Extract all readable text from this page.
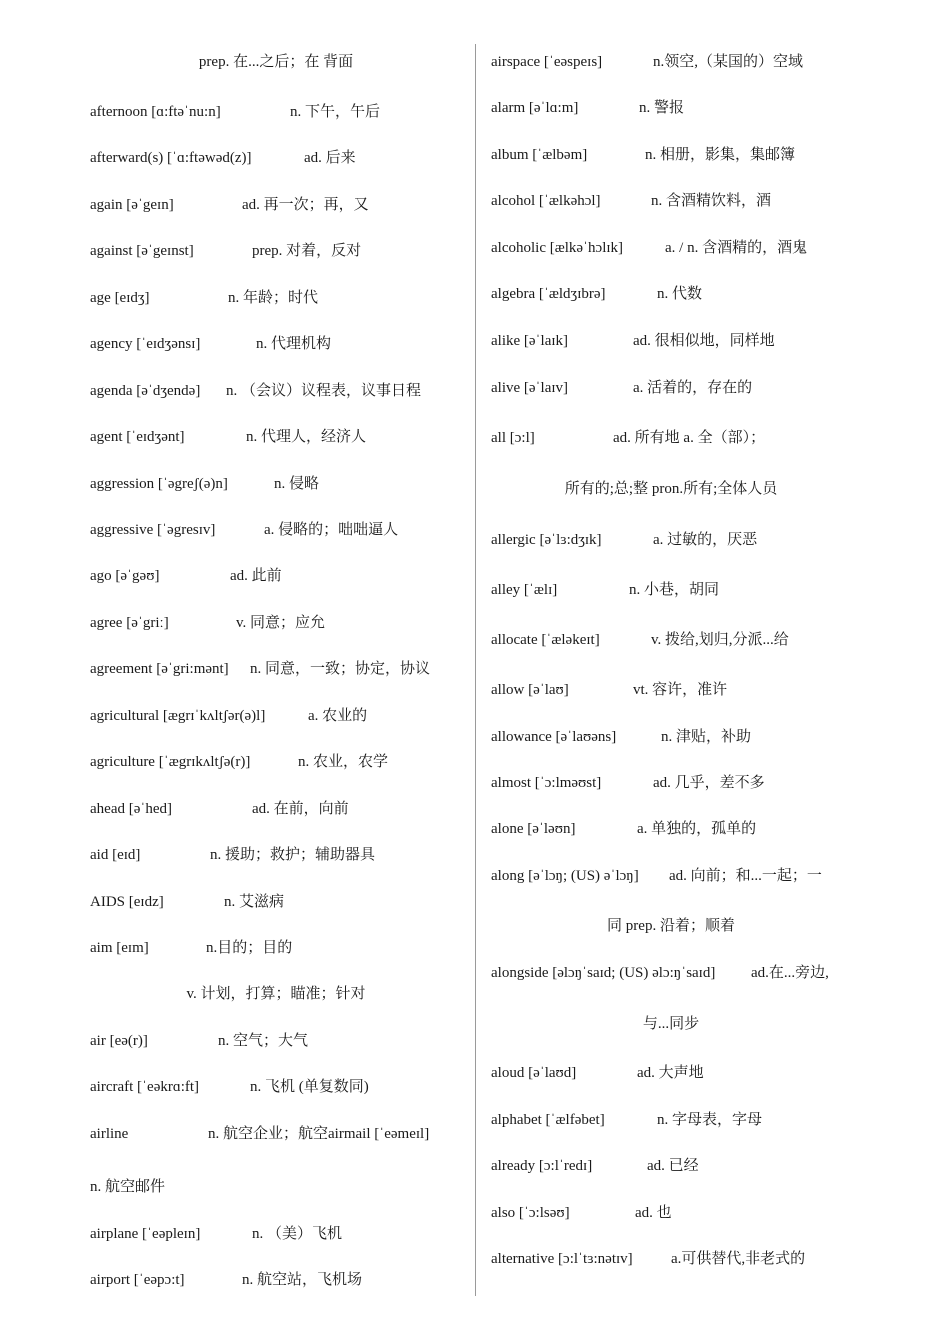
prep. 在...之后；在 背面
afternoon [ɑ:ftəˈnu:n]	n. 下午，午后
afterward(s) [ˈɑ:ftəwəd(z)]	ad. 后来
again [əˈgeɪn]	ad. 再一次；再，又
against [əˈgeɪnst]	prep. 对着，反对
age [eɪdʒ]	n. 年龄；时代
agency [ˈeɪdʒənsɪ]	n. 代理机构
agenda [əˈdʒendə] n. （会议）议程表，议事日程
agent [ˈeɪdʒənt]	n. 代理人，经济人
aggression [ˈəgreʃ(ə)n]	n. 侵略
aggressive [ˈəgresɪv]	a. 侵略的；咄咄逼人
ago [əˈgəʊ]	ad. 此前
agree [əˈgriː]	v. 同意；应允
agreement [əˈgri:mənt] n. 同意，一致；协定，协议
agricultural [ægrɪˈkʌltʃər(ə)l]	a. 农业的
agriculture [ˈægrɪkʌltʃə(r)]	n. 农业，农学
ahead [əˈhed]	ad. 在前，向前
aid [eɪd]	n. 援助；救护；辅助器具
AIDS [eɪdz]	n. 艾滋病
aim [eɪm]	n.目的；目的
v. 计划，打算；瞄准；针对
air [eə(r)]	n. 空气；大气
aircraft [ˈeəkrɑ:ft]	n. 飞机 (单复数同)
airline	n. 航空企业；航空airmail [ˈeəmeɪl]
n. 航空邮件
airplane [ˈeəpleɪn]	n. （美）飞机
airport [ˈeəpɔ:t]	n. 航空站，飞机场
airspace [ˈeəspeɪs]	n.领空,（某国的）空域
alarm [əˈlɑ:m]	n. 警报
album [ˈælbəm]	n. 相册，影集，集邮簿
alcohol [ˈælkəhɔl]	n. 含酒精饮料，酒
alcoholic [ælkəˈhɔlɪk]	a. / n. 含酒精的，酒鬼
algebra [ˈældʒɪbrə]	n. 代数
alike [əˈlaɪk]	ad. 很相似地，同样地
alive [əˈlaɪv]	a. 活着的，存在的
all [ɔ:l]	ad. 所有地 a. 全（部）；
所有的;总;整 pron.所有;全体人员
allergic [əˈlɜ:dʒɪk]	a. 过敏的，厌恶
alley [ˈælɪ]	n. 小巷，胡同
allocate [ˈæləkeɪt]	v. 拨给,划归,分派...给
allow [əˈlaʊ]	vt. 容许，准许
allowance [əˈlaʊəns]	n. 津贴，补助
almost [ˈɔ:lməʊst]	ad. 几乎，差不多
alone [əˈləʊn]	a. 单独的，孤单的
along [əˈlɔŋ; (US) əˈlɔŋ] ad. 向前；和...一起；一
同 prep. 沿着；顺着
alongside [əlɔŋˈsaɪd; (US) əlɔ:ŋˈsaɪd] ad.在...旁边,
与...同步
aloud [əˈlaʊd]	ad. 大声地
alphabet [ˈælfəbet]	n. 字母表，字母
already [ɔ:lˈredɪ]	ad. 已经
also [ˈɔ:lsəʊ]	ad. 也
alternative [ɔ:lˈtɜ:nətɪv]	a.可供替代,非老式的
